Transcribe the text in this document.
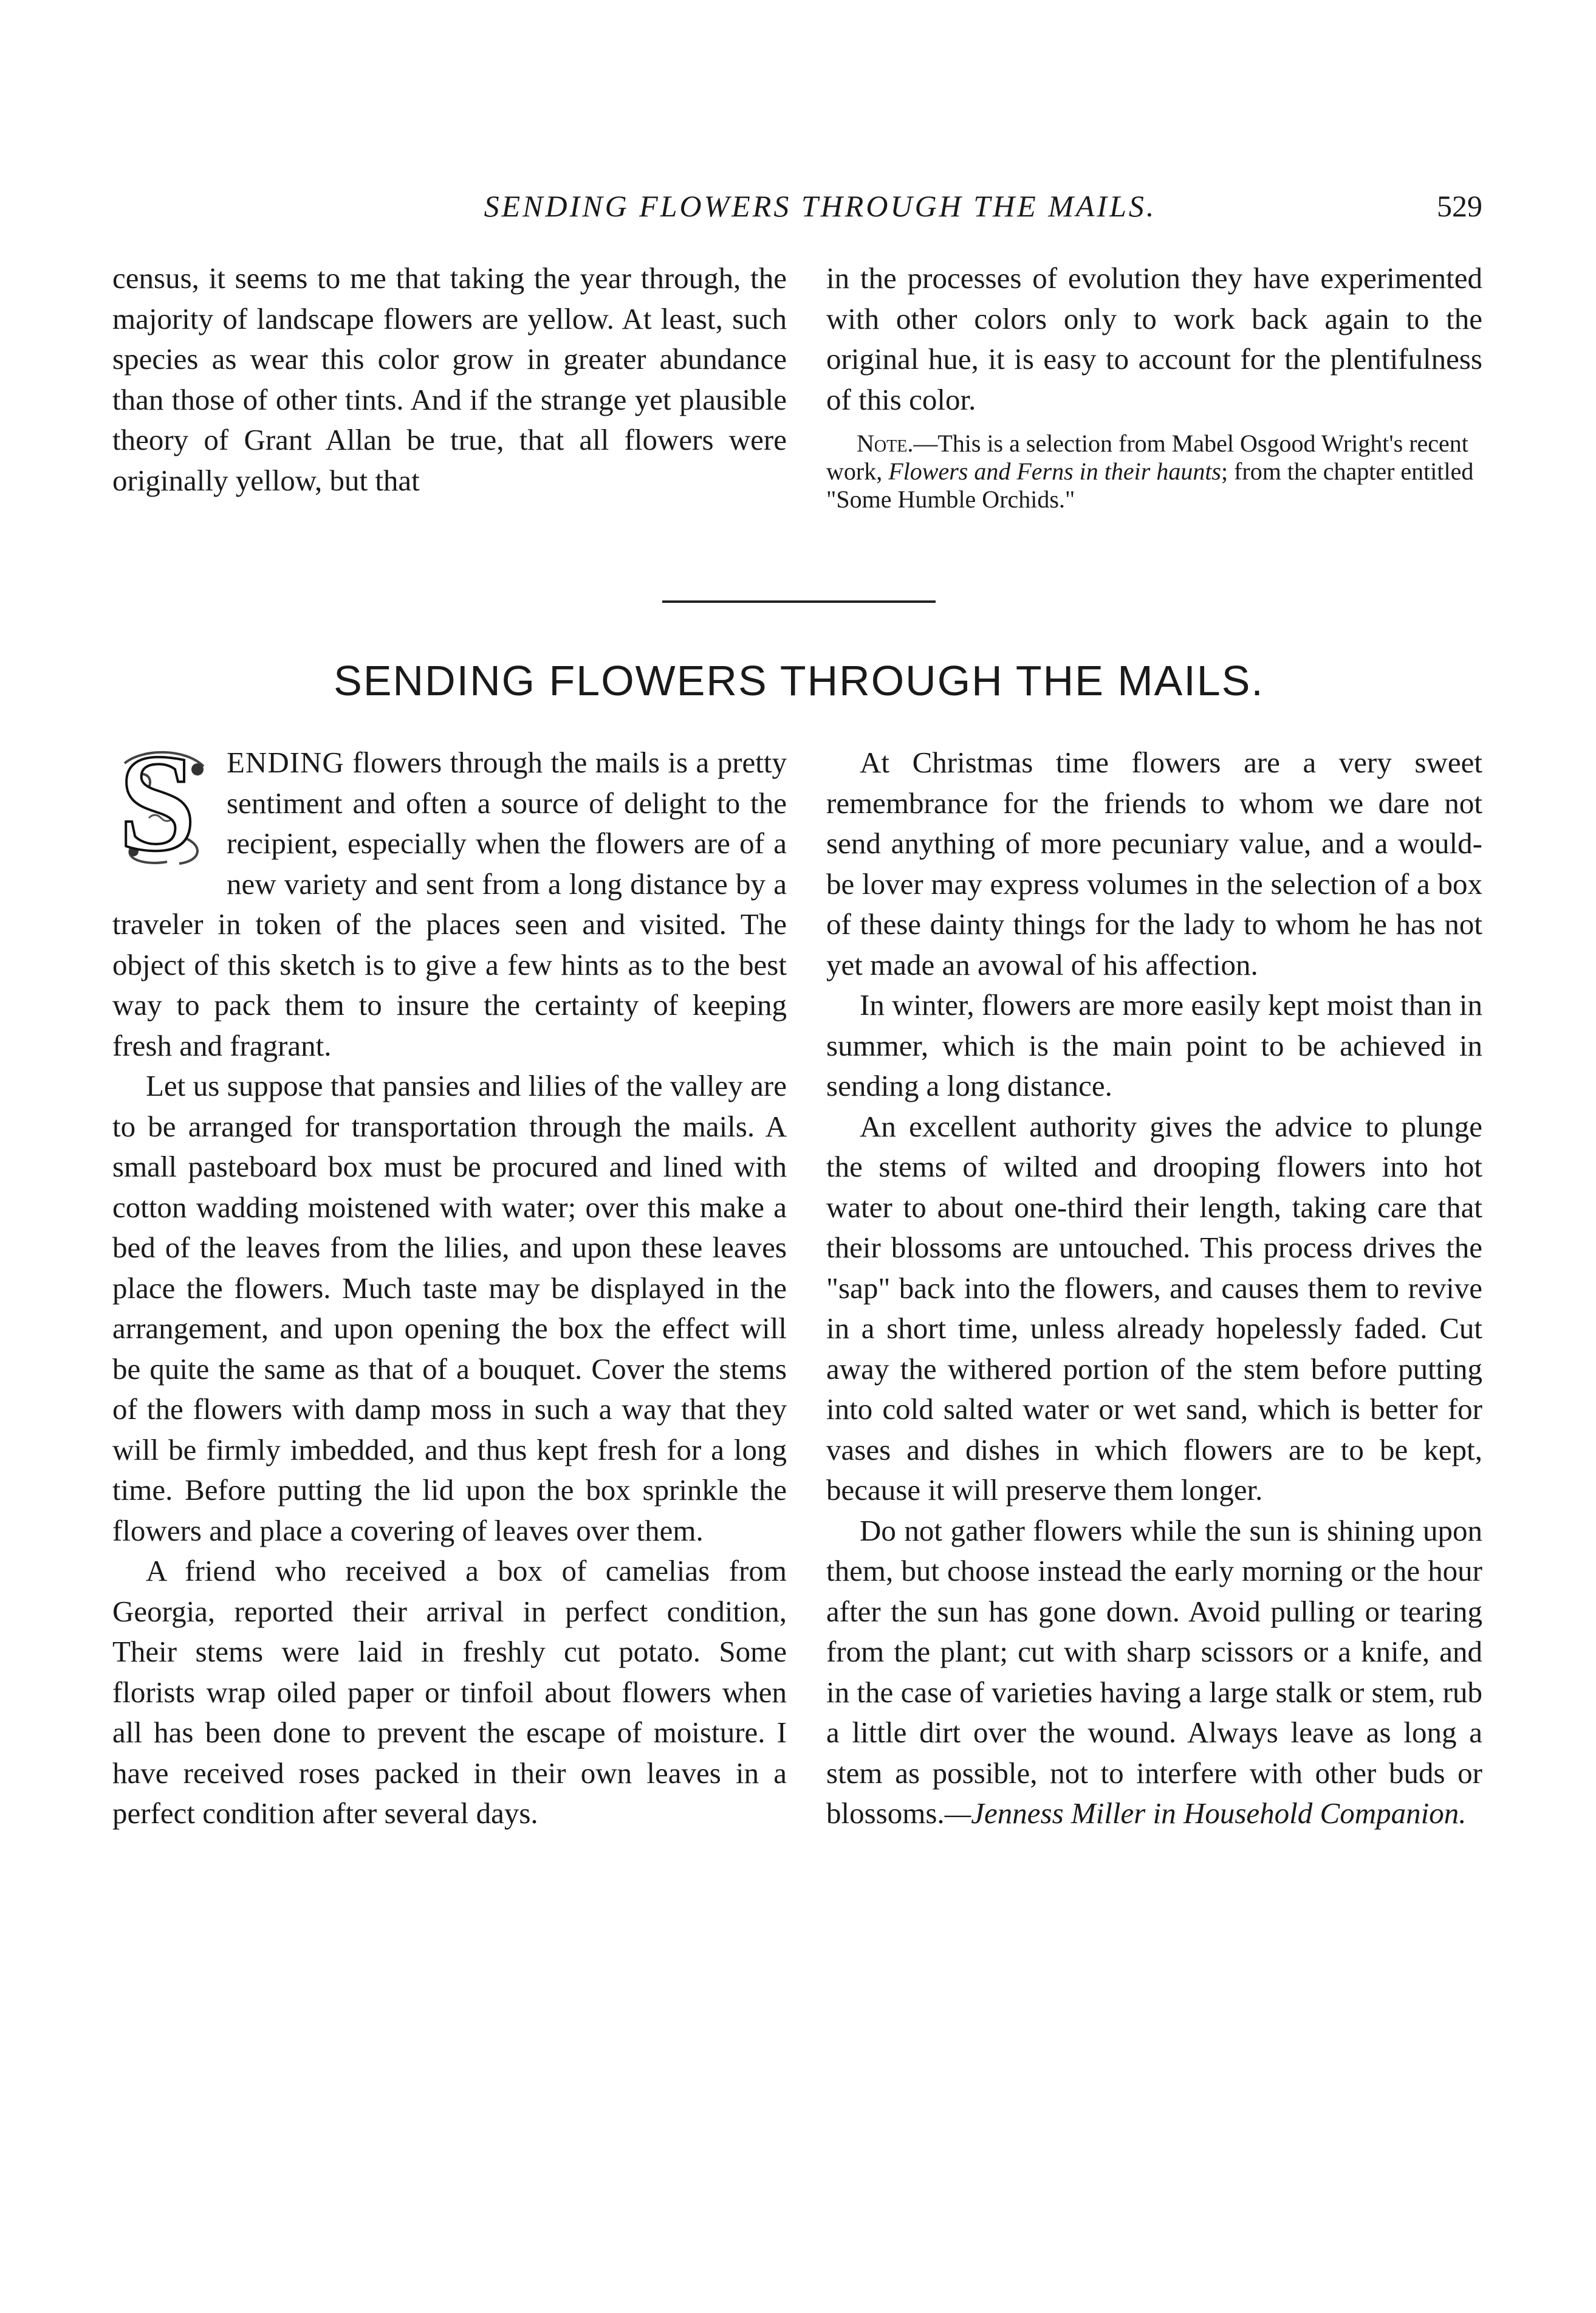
SENDING FLOWERS THROUGH THE MAILS.	529

census, it seems to me that taking the year through, the majority of landscape flowers are yellow. At least, such species as wear this color grow in greater abundance than those of other tints. And if the strange yet plausible theory of Grant Allan be true, that all flowers were originally yellow, but that

in the processes of evolution they have experimented with other colors only to work back again to the original hue, it is easy to account for the plentifulness of this color.

Note.—This is a selection from Mabel Osgood Wright's recent work, Flowers and Ferns in their haunts; from the chapter entitled "Some Humble Orchids."

SENDING FLOWERS THROUGH THE MAILS.
S	ENDING flowers through the mails is a pretty sentiment and often a source of delight to the recipient, especially when the flowers are of a new variety and sent from a long distance by a traveler in token of the places seen and visited. The object of this sketch is to give a few hints as to the best way to pack them to insure the certainty of keeping fresh and fragrant.

Let us suppose that pansies and lilies of the valley are to be arranged for transportation through the mails. A small pasteboard box must be procured and lined with cotton wadding moistened with water; over this make a bed of the leaves from the lilies, and upon these leaves place the flowers. Much taste may be displayed in the arrangement, and upon opening the box the effect will be quite the same as that of a bouquet. Cover the stems of the flowers with damp moss in such a way that they will be firmly imbedded, and thus kept fresh for a long time. Before putting the lid upon the box sprinkle the flowers and place a covering of leaves over them.

A friend who received a box of camelias from Georgia, reported their arrival in perfect condition, Their stems were laid in freshly cut potato. Some florists wrap oiled paper or tinfoil about flowers when all has been done to prevent the escape of moisture. I have received roses packed in their own leaves in a perfect condition after several days.

At Christmas time flowers are a very sweet remembrance for the friends to whom we dare not send anything of more pecuniary value, and a would-be lover may express volumes in the selection of a box of these dainty things for the lady to whom he has not yet made an avowal of his affection.

In winter, flowers are more easily kept moist than in summer, which is the main point to be achieved in sending a long distance.

An excellent authority gives the advice to plunge the stems of wilted and drooping flowers into hot water to about one-third their length, taking care that their blossoms are untouched. This process drives the "sap" back into the flowers, and causes them to revive in a short time, unless already hopelessly faded. Cut away the withered portion of the stem before putting into cold salted water or wet sand, which is better for vases and dishes in which flowers are to be kept, because it will preserve them longer.

Do not gather flowers while the sun is shining upon them, but choose instead the early morning or the hour after the sun has gone down. Avoid pulling or tearing from the plant; cut with sharp scissors or a knife, and in the case of varieties having a large stalk or stem, rub a little dirt over the wound. Always leave as long a stem as possible, not to interfere with other buds or blossoms.—Jenness Miller in Household Companion.
